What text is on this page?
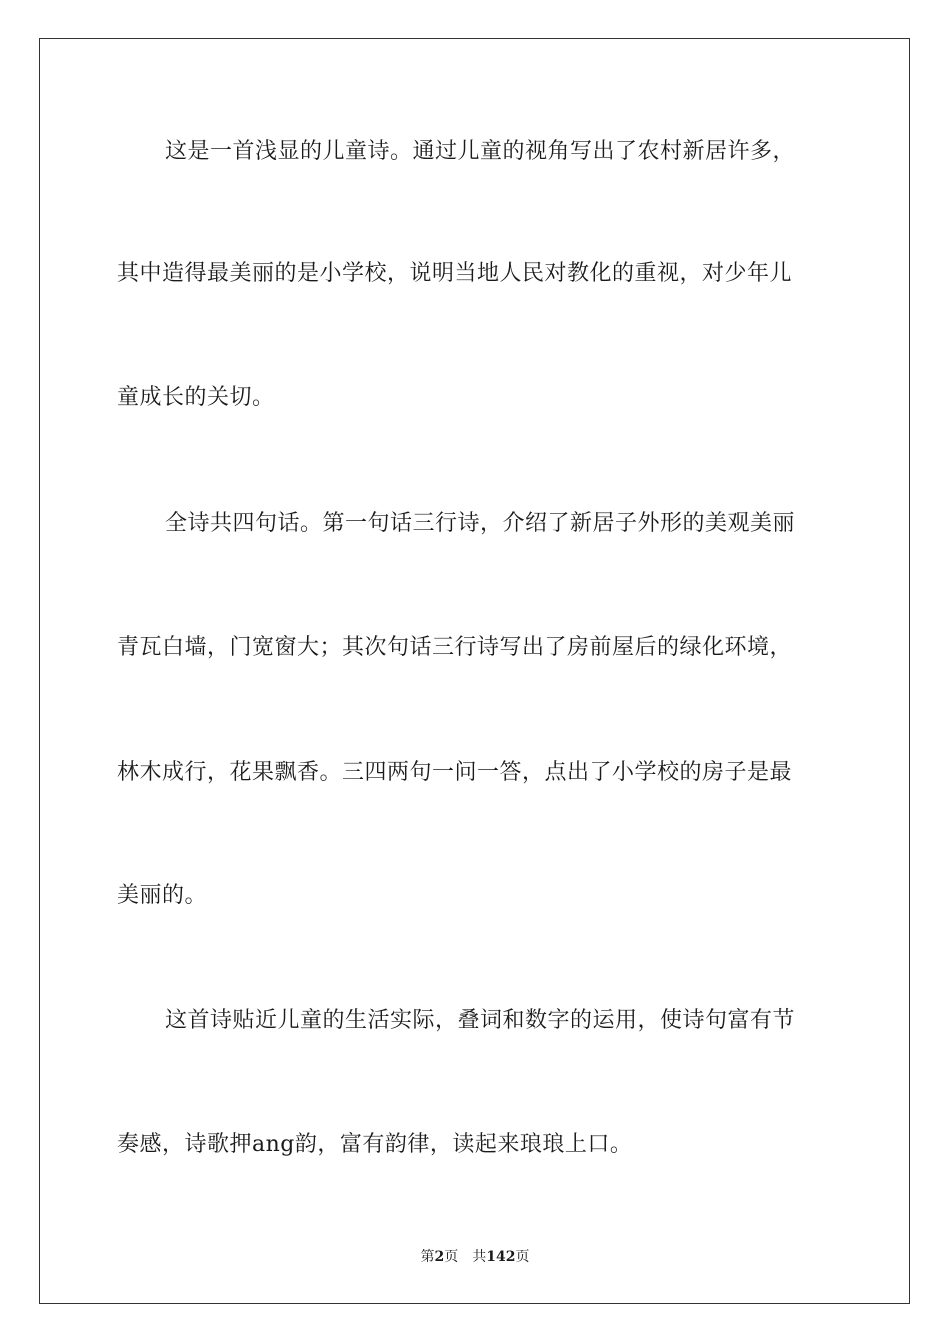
这是一首浅显的儿童诗。通过儿童的视角写出了农村新居许多，
其中造得最美丽的是小学校，说明当地人民对教化的重视，对少年儿
童成长的关切。
全诗共四句话。第一句话三行诗，介绍了新居子外形的美观美丽
青瓦白墙，门宽窗大；其次句话三行诗写出了房前屋后的绿化环境，
林木成行，花果飘香。三四两句一问一答，点出了小学校的房子是最
美丽的。
这首诗贴近儿童的生活实际，叠词和数字的运用，使诗句富有节
奏感，诗歌押ang韵，富有韵律，读起来琅琅上口。
第2页 共142页
